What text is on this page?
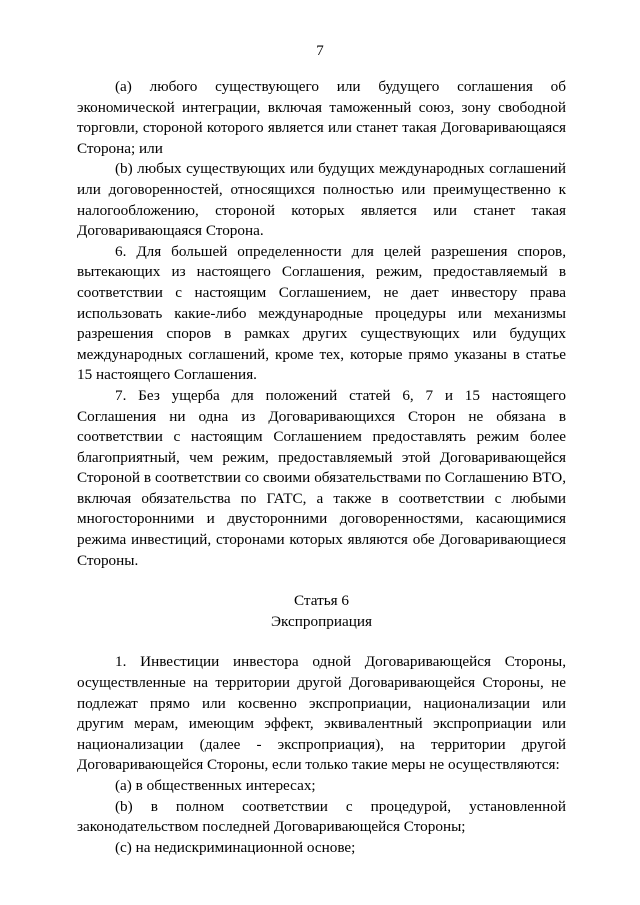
7

(a) любого существующего или будущего соглашения об экономической интеграции, включая таможенный союз, зону свободной торговли, стороной которого является или станет такая Договаривающаяся Сторона; или

(b) любых существующих или будущих международных соглашений или договоренностей, относящихся полностью или преимущественно к налогообложению, стороной которых является или станет такая Договаривающаяся Сторона.

6. Для большей определенности для целей разрешения споров, вытекающих из настоящего Соглашения, режим, предоставляемый в соответствии с настоящим Соглашением, не дает инвестору права использовать какие-либо международные процедуры или механизмы разрешения споров в рамках других существующих или будущих международных соглашений, кроме тех, которые прямо указаны в статье 15 настоящего Соглашения.

7. Без ущерба для положений статей 6, 7 и 15 настоящего Соглашения ни одна из Договаривающихся Сторон не обязана в соответствии с настоящим Соглашением предоставлять режим более благоприятный, чем режим, предоставляемый этой Договаривающейся Стороной в соответствии со своими обязательствами по Соглашению ВТО, включая обязательства по ГАТС, а также в соответствии с любыми многосторонними и двусторонними договоренностями, касающимися режима инвестиций, сторонами которых являются обе Договаривающиеся Стороны.

Статья 6
Экспроприация

1. Инвестиции инвестора одной Договаривающейся Стороны, осуществленные на территории другой Договаривающейся Стороны, не подлежат прямо или косвенно экспроприации, национализации или другим мерам, имеющим эффект, эквивалентный экспроприации или национализации (далее - экспроприация), на территории другой Договаривающейся Стороны, если только такие меры не осуществляются:

(a) в общественных интересах;

(b) в полном соответствии с процедурой, установленной законодательством последней Договаривающейся Стороны;

(c) на недискриминационной основе;
